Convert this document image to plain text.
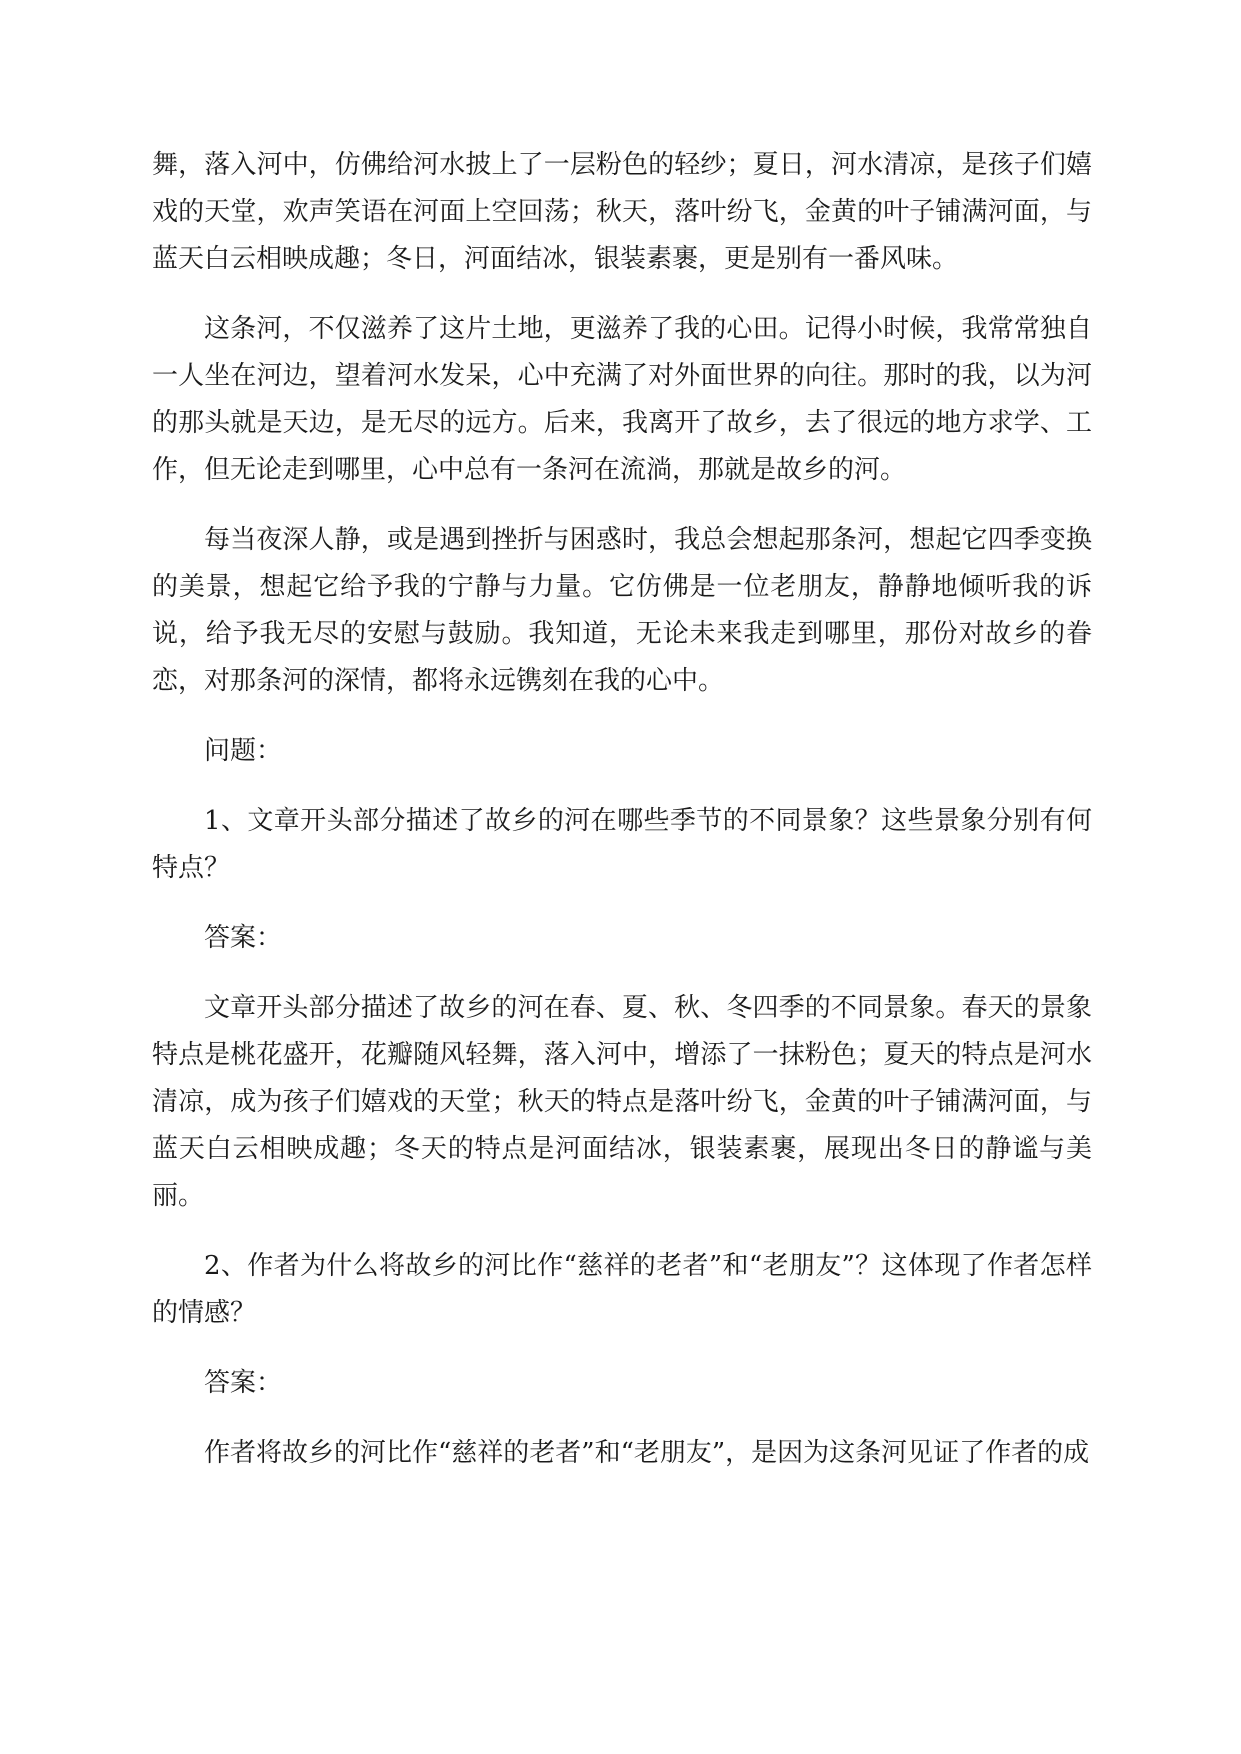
舞，落入河中，仿佛给河水披上了一层粉色的轻纱；夏日，河水清凉，是孩子们嬉戏的天堂，欢声笑语在河面上空回荡；秋天，落叶纷飞，金黄的叶子铺满河面，与蓝天白云相映成趣；冬日，河面结冰，银装素裹，更是别有一番风味。

这条河，不仅滋养了这片土地，更滋养了我的心田。记得小时候，我常常独自一人坐在河边，望着河水发呆，心中充满了对外面世界的向往。那时的我，以为河的那头就是天边，是无尽的远方。后来，我离开了故乡，去了很远的地方求学、工作，但无论走到哪里，心中总有一条河在流淌，那就是故乡的河。

每当夜深人静，或是遇到挫折与困惑时，我总会想起那条河，想起它四季变换的美景，想起它给予我的宁静与力量。它仿佛是一位老朋友，静静地倾听我的诉说，给予我无尽的安慰与鼓励。我知道，无论未来我走到哪里，那份对故乡的眷恋，对那条河的深情，都将永远镌刻在我的心中。

问题：

1、文章开头部分描述了故乡的河在哪些季节的不同景象？这些景象分别有何特点？

答案：

文章开头部分描述了故乡的河在春、夏、秋、冬四季的不同景象。春天的景象特点是桃花盛开，花瓣随风轻舞，落入河中，增添了一抹粉色；夏天的特点是河水清凉，成为孩子们嬉戏的天堂；秋天的特点是落叶纷飞，金黄的叶子铺满河面，与蓝天白云相映成趣；冬天的特点是河面结冰，银装素裹，展现出冬日的静谧与美丽。

2、作者为什么将故乡的河比作“慈祥的老者”和“老朋友”？这体现了作者怎样的情感？

答案：

作者将故乡的河比作“慈祥的老者”和“老朋友”，是因为这条河见证了作者的成
